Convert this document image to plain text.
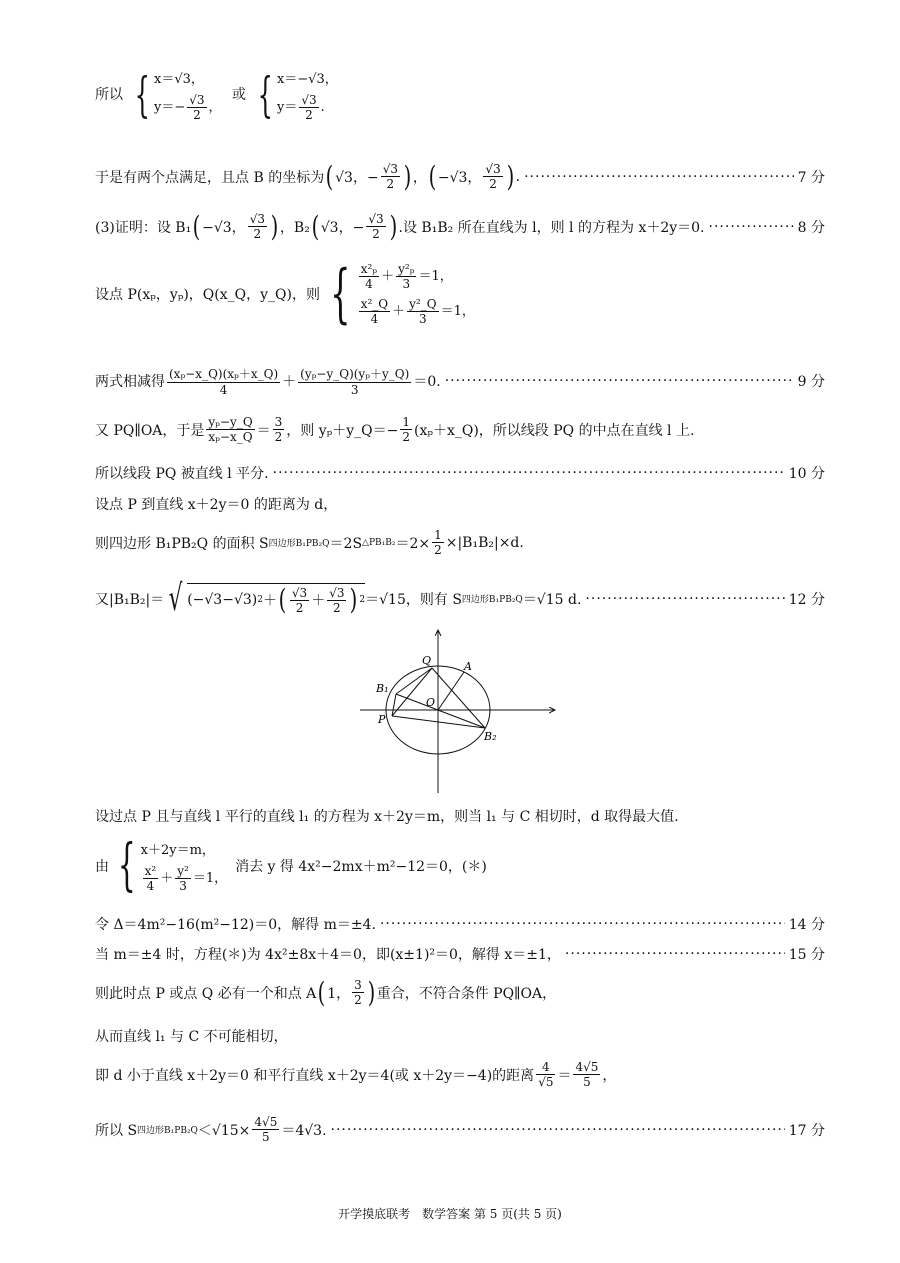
所以 { x＝√3，
$y=- \frac{√3}{2}$ ，
或 { x＝−√3，
$y= \frac{√3}{2}$ .
于是有两个点满足，且点 B 的坐标为 ( √3，− $\frac{√3}{2}$ ) ， ( −√3， $\frac{√3}{2}$ ) . ·····	7 分
(3)证明：设 B₁ ( −√3， $\frac{√3}{2}$ ) ，B₂ ( √3，− $\frac{√3}{2}$ ) .设 B₁B₂ 所在直线为 l，则 l 的方程为 x＋2y＝0. ·····	8 分
设点 P(xₚ，yₚ)，Q(x_Q，y_Q)，则 { $\frac{\text{x²ₚ}}{4} + \frac{\text{y²ₚ}}{3} =1$，
$\frac{\text{x²\_Q}}{4} + \frac{\text{y²\_Q}}{3} =1$，
两式相减得 $\frac{\text{(xₚ−x\_Q)(xₚ＋x\_Q)}}{4} + \frac{\text{(yₚ−y\_Q)(yₚ＋y\_Q)}}{3} =0$. ·····	9 分
又 PQ∥OA，于是 $\frac{\text{yₚ−y\_Q}}{\text{xₚ−x\_Q}} = \frac{3}{2}$ ，则 yₚ＋y_Q＝− $\frac{1}{2}$ (xₚ＋x_Q)，所以线段 PQ 的中点在直线 l 上.
所以线段 PQ 被直线 l 平分. ·····	10 分
设点 P 到直线 x＋2y＝0 的距离为 d，
则四边形 B₁PB₂Q 的面积 S 四边形B₁PB₂Q ＝2S △PB₁B₂ $=2\times \frac{1}{2} \times|B_1B_2|\times d$.
又|B₁B₂|＝ √ (−√3−√3) 2 ＋ ( $\frac{√3}{2} + \frac{√3}{2}$ ) 2 ＝√15，则有 S 四边形B₁PB₂Q ＝√15 d. ·····	12 分
Q	A
B₁
O
P
B₂
设过点 P 且与直线 l 平行的直线 l₁ 的方程为 x＋2y＝m，则当 l₁ 与 C 相切时，d 取得最大值.
由 { x＋2y＝m，
$\frac{\text{x²}}{4} + \frac{\text{y²}}{3} =1$，
消去 y 得 4x²−2mx＋m²−12＝0，(＊)
令 Δ＝4m²−16(m²−12)＝0，解得 m＝±4. ·····	14 分
当 m＝±4 时，方程(＊)为 4x²±8x＋4＝0，即(x±1)²＝0，解得 x＝±1， ·····	15 分
则此时点 P 或点 Q 必有一个和点 A ( 1， $\frac{3}{2}$ ) 重合，不符合条件 PQ∥OA，
从而直线 l₁ 与 C 不可能相切，
即 d 小于直线 x＋2y＝0 和平行直线 x＋2y＝4(或 x＋2y＝−4)的距离 $\frac{4}{√5} = \frac{4√5}{5}$ ，
所以 S 四边形$B_1PB_2Q <√15\times \frac{4√5}{5} =4√3$. ·····	17 分
开学摸底联考　数学答案 第 5 页(共 5 页)
